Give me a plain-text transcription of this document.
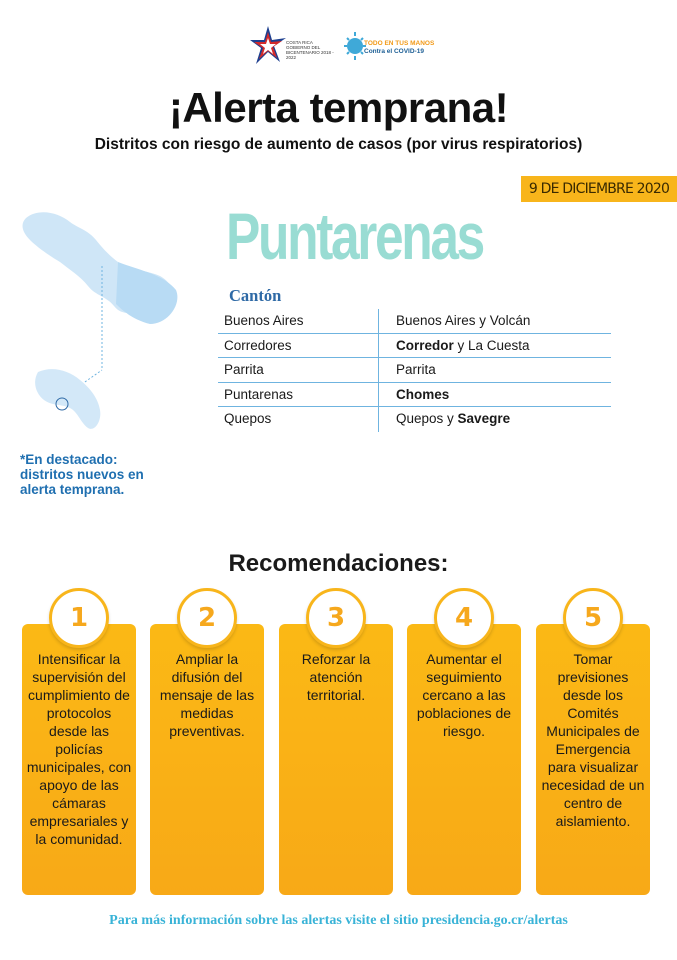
COSTA RICA GOBIERNO DEL BICENTENARIO 2018 - 2022
TODO EN TUS MANOS
Contra el COVID-19
¡Alerta temprana!
Distritos con riesgo de aumento de casos (por virus respiratorios)
9 DE DICIEMBRE 2020
Puntarenas
Cantón
Buenos Aires	Buenos Aires y Volcán
Corredores	Corredor y La Cuesta
Parrita	Parrita
Puntarenas	Chomes
Quepos	Quepos y Savegre
*En destacado: distritos nuevos en alerta temprana.
Recomendaciones:
1
Intensificar la supervisión del cumplimiento de protocolos desde las policías municipales, con apoyo de las cámaras empresariales y la comunidad.
2
Ampliar la difusión del mensaje de las medidas preventivas.
3
Reforzar la atención territorial.
4
Aumentar el seguimiento cercano a las poblaciones de riesgo.
5
Tomar previsiones desde los Comités Municipales de Emergencia para visualizar necesidad de un centro de aislamiento.
Para más información sobre las alertas visite el sitio presidencia.go.cr/alertas
